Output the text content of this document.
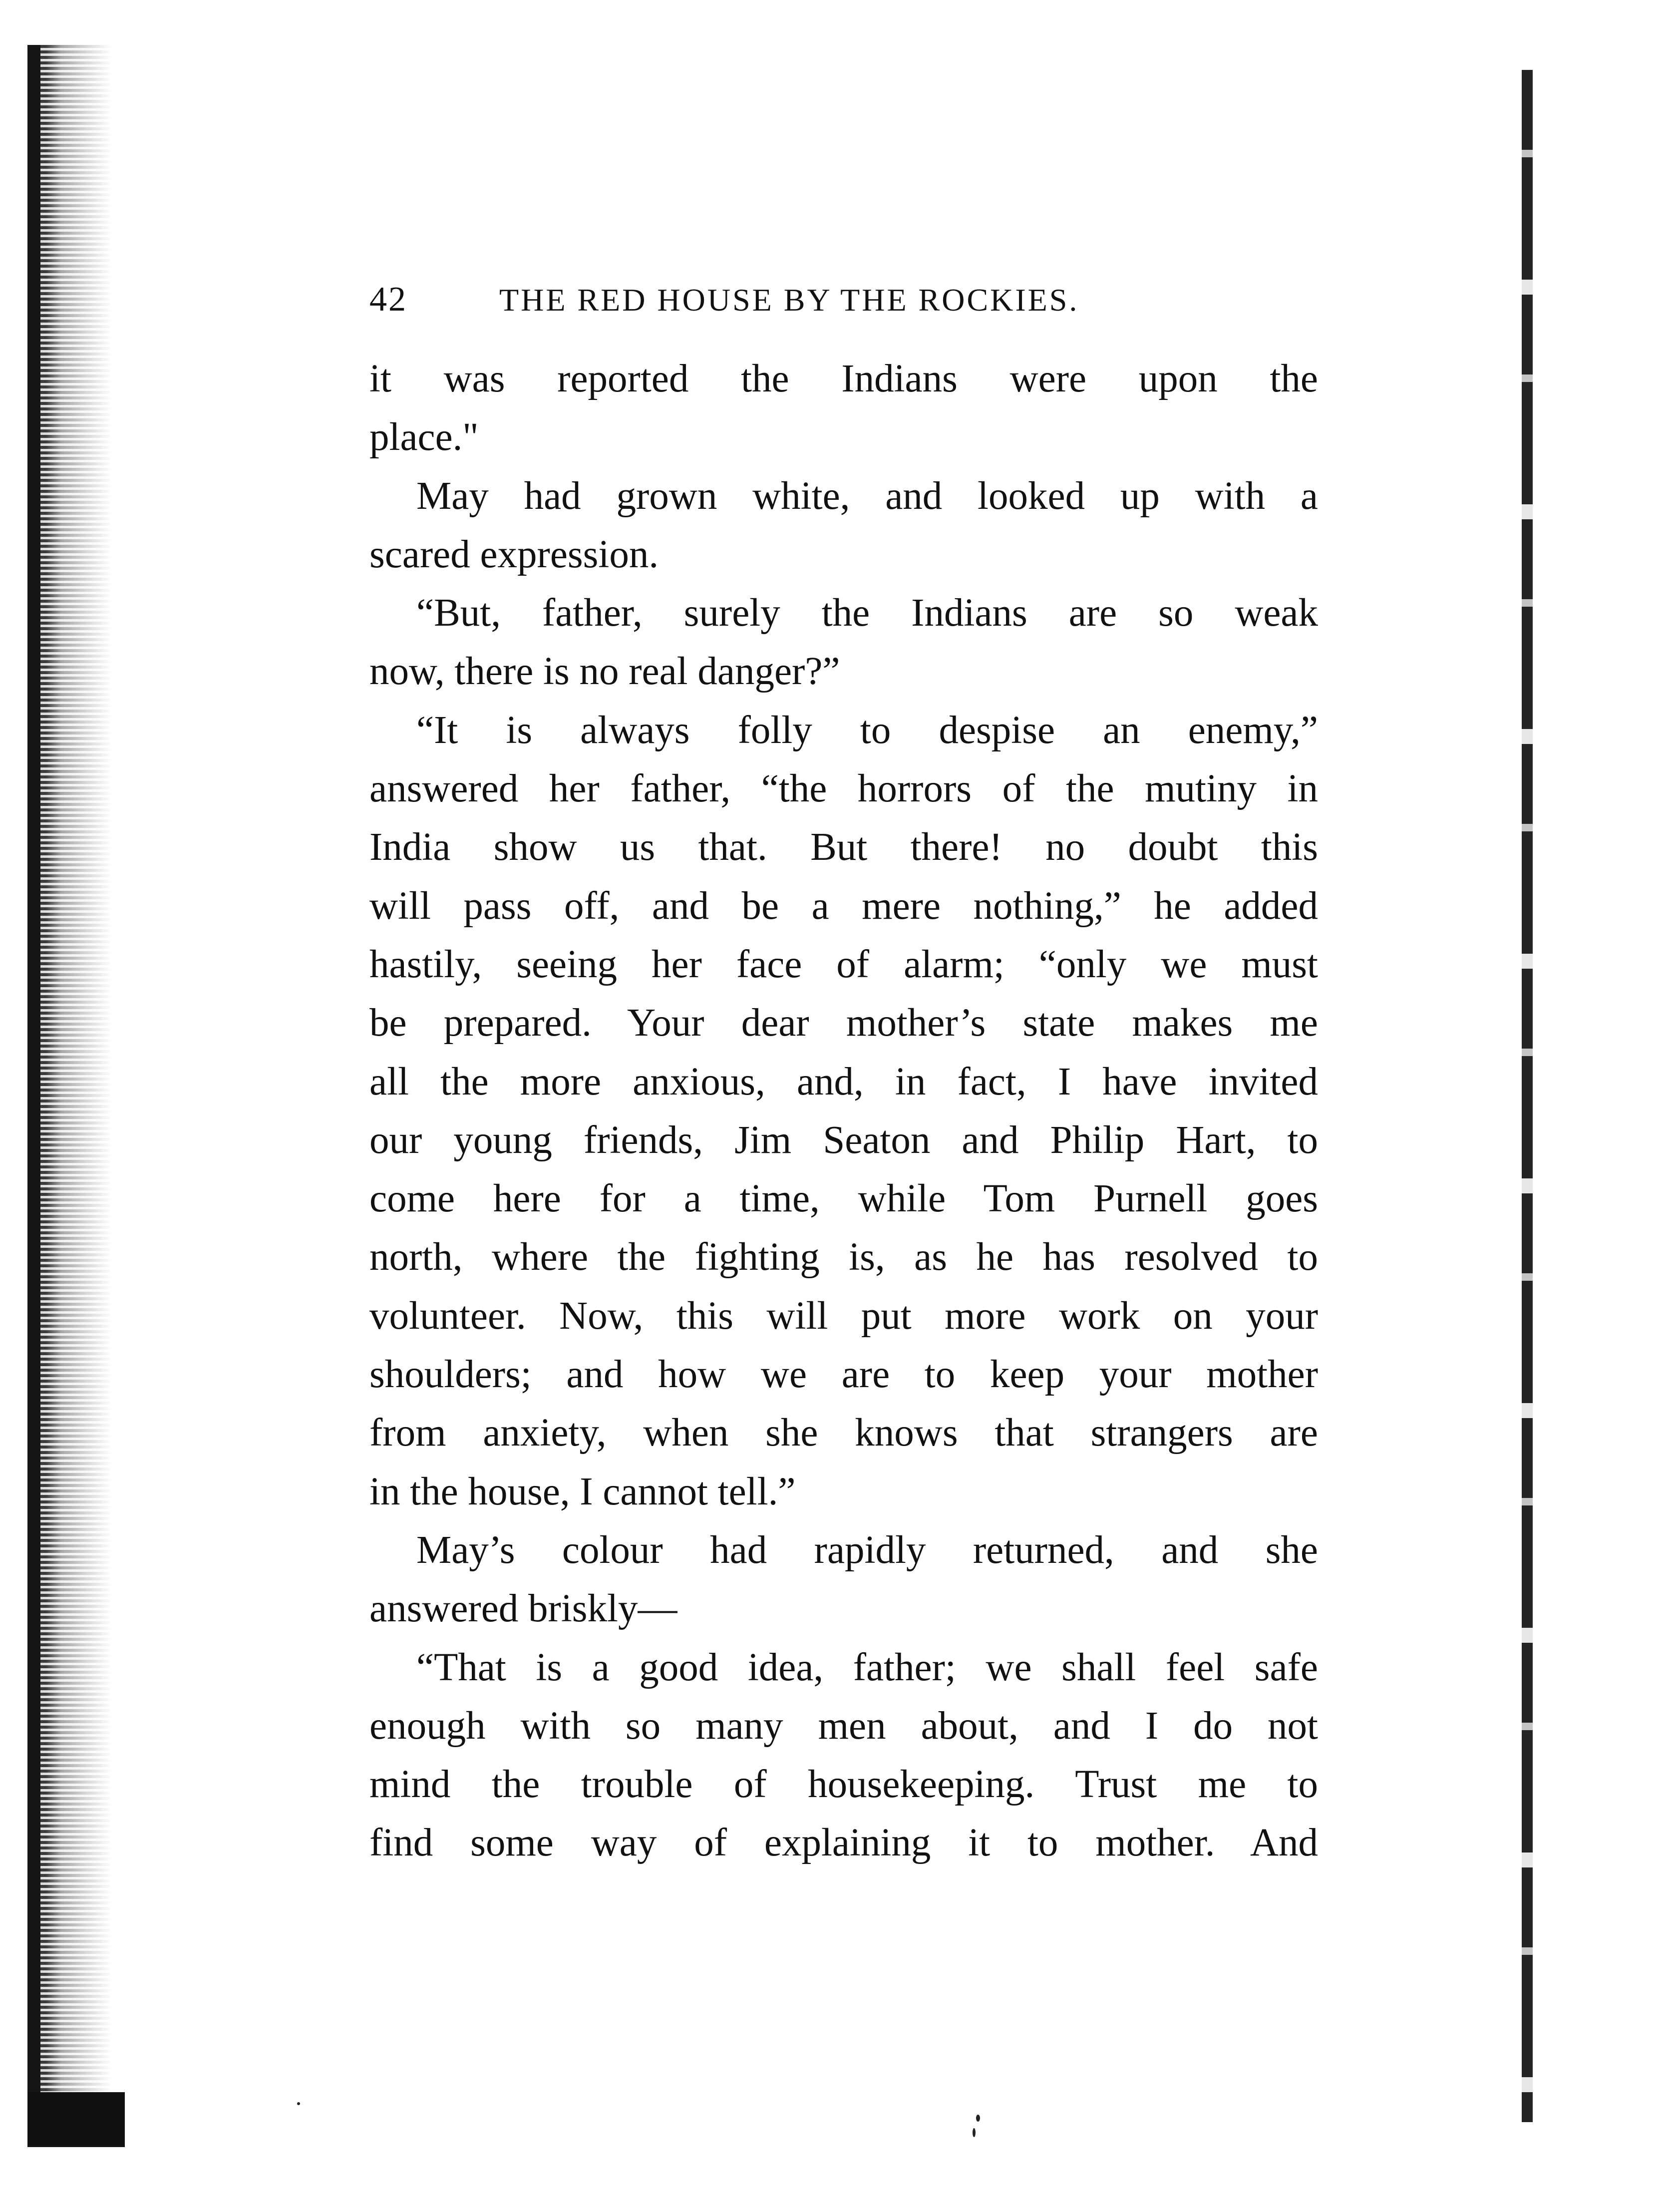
42	THE RED HOUSE BY THE ROCKIES.

it was reported the Indians were upon the
place."

May had grown white, and looked up with a
scared expression.

“But, father, surely the Indians are so weak
now, there is no real danger?”

“It is always folly to despise an enemy,”
answered her father, “the horrors of the mutiny in
India show us that. But there! no doubt this
will pass off, and be a mere nothing,” he added
hastily, seeing her face of alarm; “only we must
be prepared. Your dear mother’s state makes me
all the more anxious, and, in fact, I have invited
our young friends, Jim Seaton and Philip Hart, to
come here for a time, while Tom Purnell goes
north, where the fighting is, as he has resolved to
volunteer. Now, this will put more work on your
shoulders; and how we are to keep your mother
from anxiety, when she knows that strangers are
in the house, I cannot tell.”

May’s colour had rapidly returned, and she
answered briskly—

“That is a good idea, father; we shall feel safe
enough with so many men about, and I do not
mind the trouble of housekeeping. Trust me to
find some way of explaining it to mother. And
